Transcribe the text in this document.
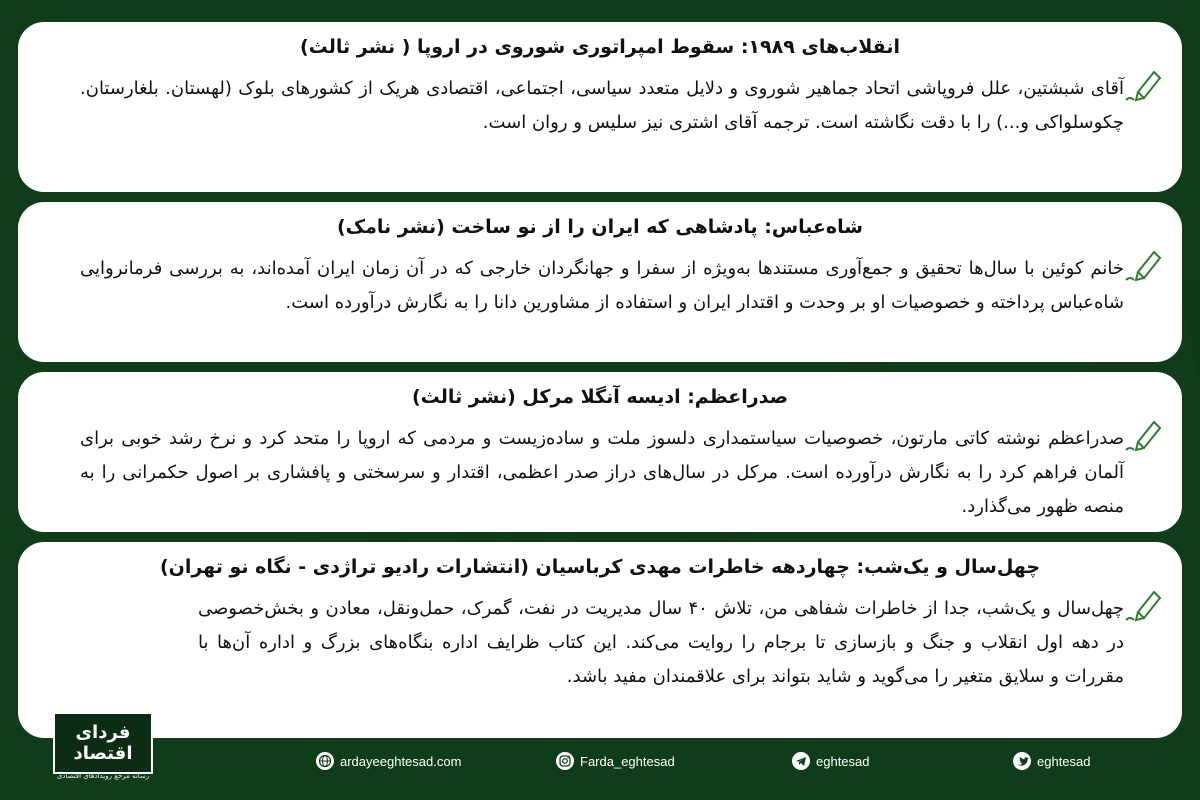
انقلاب‌های ۱۹۸۹: سقوط امپراتوری شوروی در اروپا ( نشر ثالث)
آقای شبشتین، علل فروپاشی اتحاد جماهیر شوروی و دلایل متعدد سیاسی، اجتماعی، اقتصادی هریک از کشورهای بلوک (لهستان. بلغارستان. چکوسلواکی و...) را با دقت نگاشته است. ترجمه آقای اشتری نیز سلیس و روان است.
شاه‌عباس: پادشاهی که ایران را از نو ساخت (نشر نامک)
خانم کوئین با سال‌ها تحقیق و جمع‌آوری مستندها به‌ویژه از سفرا و جهانگردان خارجی که در آن زمان ایران آمده‌اند، به بررسی فرمانروایی شاه‌عباس پرداخته و خصوصیات او بر وحدت و اقتدار ایران و استفاده از مشاورین دانا را به نگارش درآورده است.
صدراعظم: ادیسه آنگلا مرکل (نشر ثالث)
صدراعظم نوشته کاتی مارتون، خصوصیات سیاستمداری دلسوز ملت و ساده‌زیست و مردمی که اروپا را متحد کرد و نرخ رشد خوبی برای آلمان فراهم کرد را به نگارش درآورده است. مرکل در سال‌های دراز صدر اعظمی، اقتدار و سرسختی و پافشاری بر اصول حکمرانی را به منصه ظهور می‌گذارد.
چهل‌سال و یک‌شب: چهاردهه خاطرات مهدی کرباسیان (انتشارات رادیو تراژدی - نگاه نو تهران)
چهل‌سال و یک‌شب، جدا از خاطرات شفاهی من، تلاش ۴۰ سال مدیریت در نفت، گمرک، حمل‌ونقل، معادن و بخش‌خصوصی در دهه اول انقلاب و جنگ و بازسازی تا برجام را روایت می‌کند. این کتاب ظرایف اداره بنگاه‌های بزرگ و اداره آن‌ها با مقررات و سلایق متغیر را می‌گوید و شاید بتواند برای علاقمندان مفید باشد.
فردای اقتصاد
رسانه مرجع رویدادهای اقتصادی
ardayeeghtesad.com	Farda_eghtesad	eghtesad	eghtesad
